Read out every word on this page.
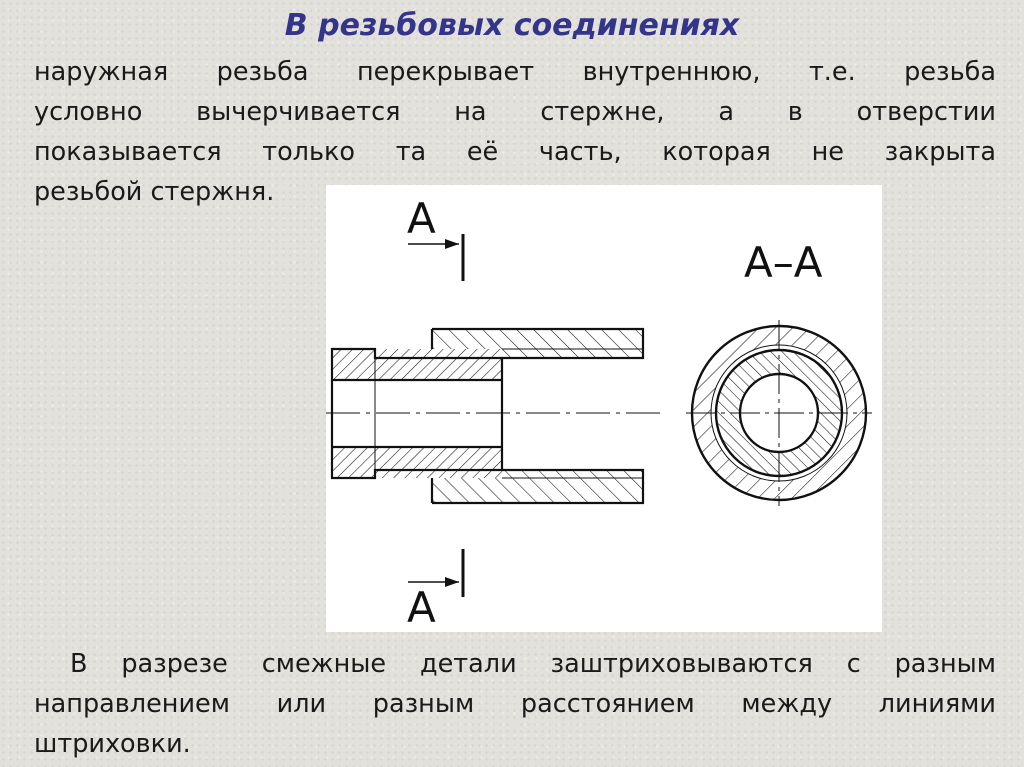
В резьбовых соединениях

наружная резьба перекрывает внутреннюю, т.е. резьба
условно вычерчивается на стержне, а в отверстии
показывается только та её часть, которая не закрыта

резьбой стержня.

А
А
А–А

В разрезе смежные детали заштриховываются с разным
направлением или разным расстоянием между линиями

штриховки.
